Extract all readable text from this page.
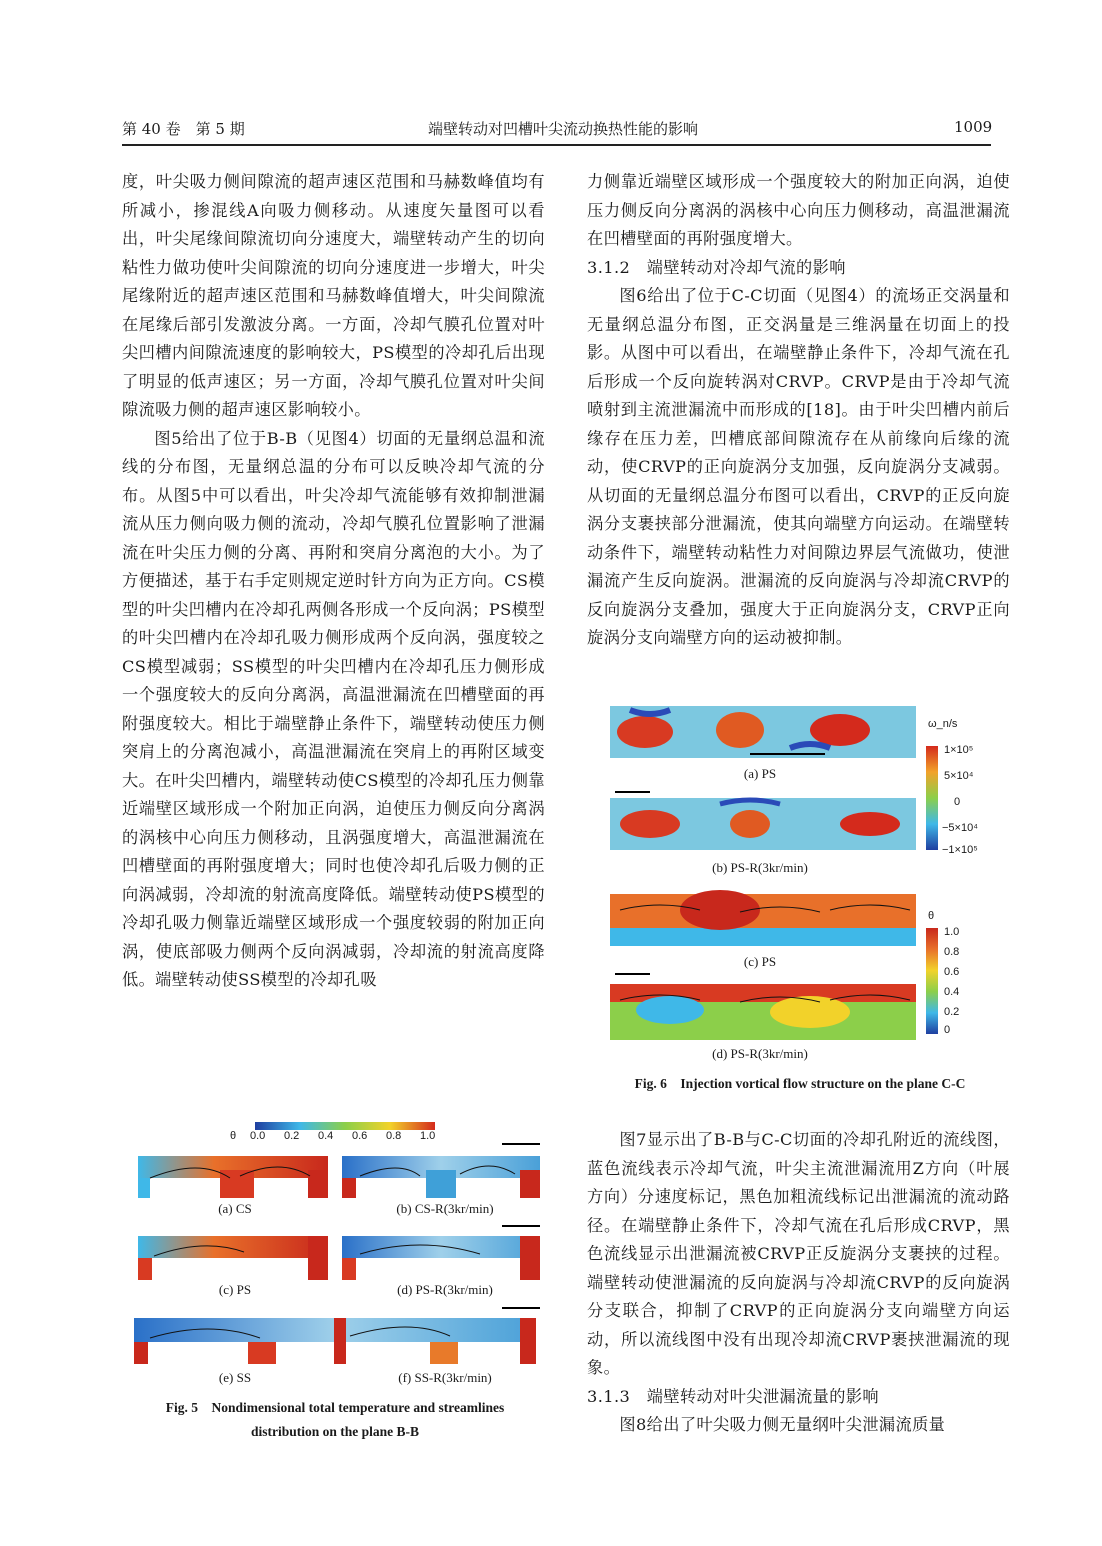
第 40 卷　第 5 期	端壁转动对凹槽叶尖流动换热性能的影响	1009

度，叶尖吸力侧间隙流的超声速区范围和马赫数峰值均有所减小，掺混线A向吸力侧移动。从速度矢量图可以看出，叶尖尾缘间隙流切向分速度大，端壁转动产生的切向粘性力做功使叶尖间隙流的切向分速度进一步增大，叶尖尾缘附近的超声速区范围和马赫数峰值增大，叶尖间隙流在尾缘后部引发激波分离。一方面，冷却气膜孔位置对叶尖凹槽内间隙流速度的影响较大，PS模型的冷却孔后出现了明显的低声速区；另一方面，冷却气膜孔位置对叶尖间隙流吸力侧的超声速区影响较小。

图5给出了位于B-B（见图4）切面的无量纲总温和流线的分布图，无量纲总温的分布可以反映冷却气流的分布。从图5中可以看出，叶尖冷却气流能够有效抑制泄漏流从压力侧向吸力侧的流动，冷却气膜孔位置影响了泄漏流在叶尖压力侧的分离、再附和突肩分离泡的大小。为了方便描述，基于右手定则规定逆时针方向为正方向。CS模型的叶尖凹槽内在冷却孔两侧各形成一个反向涡；PS模型的叶尖凹槽内在冷却孔吸力侧形成两个反向涡，强度较之CS模型减弱；SS模型的叶尖凹槽内在冷却孔压力侧形成一个强度较大的反向分离涡，高温泄漏流在凹槽壁面的再附强度较大。相比于端壁静止条件下，端壁转动使压力侧突肩上的分离泡减小，高温泄漏流在突肩上的再附区域变大。在叶尖凹槽内，端壁转动使CS模型的冷却孔压力侧靠近端壁区域形成一个附加正向涡，迫使压力侧反向分离涡的涡核中心向压力侧移动，且涡强度增大，高温泄漏流在凹槽壁面的再附强度增大；同时也使冷却孔后吸力侧的正向涡减弱，冷却流的射流高度降低。端壁转动使PS模型的冷却孔吸力侧靠近端壁区域形成一个强度较弱的附加正向涡，使底部吸力侧两个反向涡减弱，冷却流的射流高度降低。端壁转动使SS模型的冷却孔吸

θ 0.0 0.2 0.4 0.6 0.8 1.0
(a) CS	(b) CS-R(3kr/min)
(c) PS	(d) PS-R(3kr/min)
(e) SS	(f) SS-R(3kr/min)
Fig. 5　Nondimensional total temperature and streamlines
distribution on the plane B-B

力侧靠近端壁区域形成一个强度较大的附加正向涡，迫使压力侧反向分离涡的涡核中心向压力侧移动，高温泄漏流在凹槽壁面的再附强度增大。

3.1.2　端壁转动对冷却气流的影响

图6给出了位于C-C切面（见图4）的流场正交涡量和无量纲总温分布图，正交涡量是三维涡量在切面上的投影。从图中可以看出，在端壁静止条件下，冷却气流在孔后形成一个反向旋转涡对CRVP。CRVP是由于冷却气流喷射到主流泄漏流中而形成的[18]。由于叶尖凹槽内前后缘存在压力差，凹槽底部间隙流存在从前缘向后缘的流动，使CRVP的正向旋涡分支加强，反向旋涡分支减弱。从切面的无量纲总温分布图可以看出，CRVP的正反向旋涡分支裹挟部分泄漏流，使其向端壁方向运动。在端壁转动条件下，端壁转动粘性力对间隙边界层气流做功，使泄漏流产生反向旋涡。泄漏流的反向旋涡与冷却流CRVP的反向旋涡分支叠加，强度大于正向旋涡分支，CRVP正向旋涡分支向端壁方向的运动被抑制。

ω_n/s
1×10⁵
5×10⁴
0
−5×10⁴
−1×10⁵
θ
1.0
0.8
0.6
0.4
0.2
0
(a) PS
(b) PS-R(3kr/min)
(c) PS
(d) PS-R(3kr/min)
Fig. 6　Injection vortical flow structure on the plane C-C

图7显示出了B-B与C-C切面的冷却孔附近的流线图，蓝色流线表示冷却气流，叶尖主流泄漏流用Z方向（叶展方向）分速度标记，黑色加粗流线标记出泄漏流的流动路径。在端壁静止条件下，冷却气流在孔后形成CRVP，黑色流线显示出泄漏流被CRVP正反旋涡分支裹挟的过程。端壁转动使泄漏流的反向旋涡与冷却流CRVP的反向旋涡分支联合，抑制了CRVP的正向旋涡分支向端壁方向运动，所以流线图中没有出现冷却流CRVP裹挟泄漏流的现象。

3.1.3　端壁转动对叶尖泄漏流量的影响

图8给出了叶尖吸力侧无量纲叶尖泄漏流质量
